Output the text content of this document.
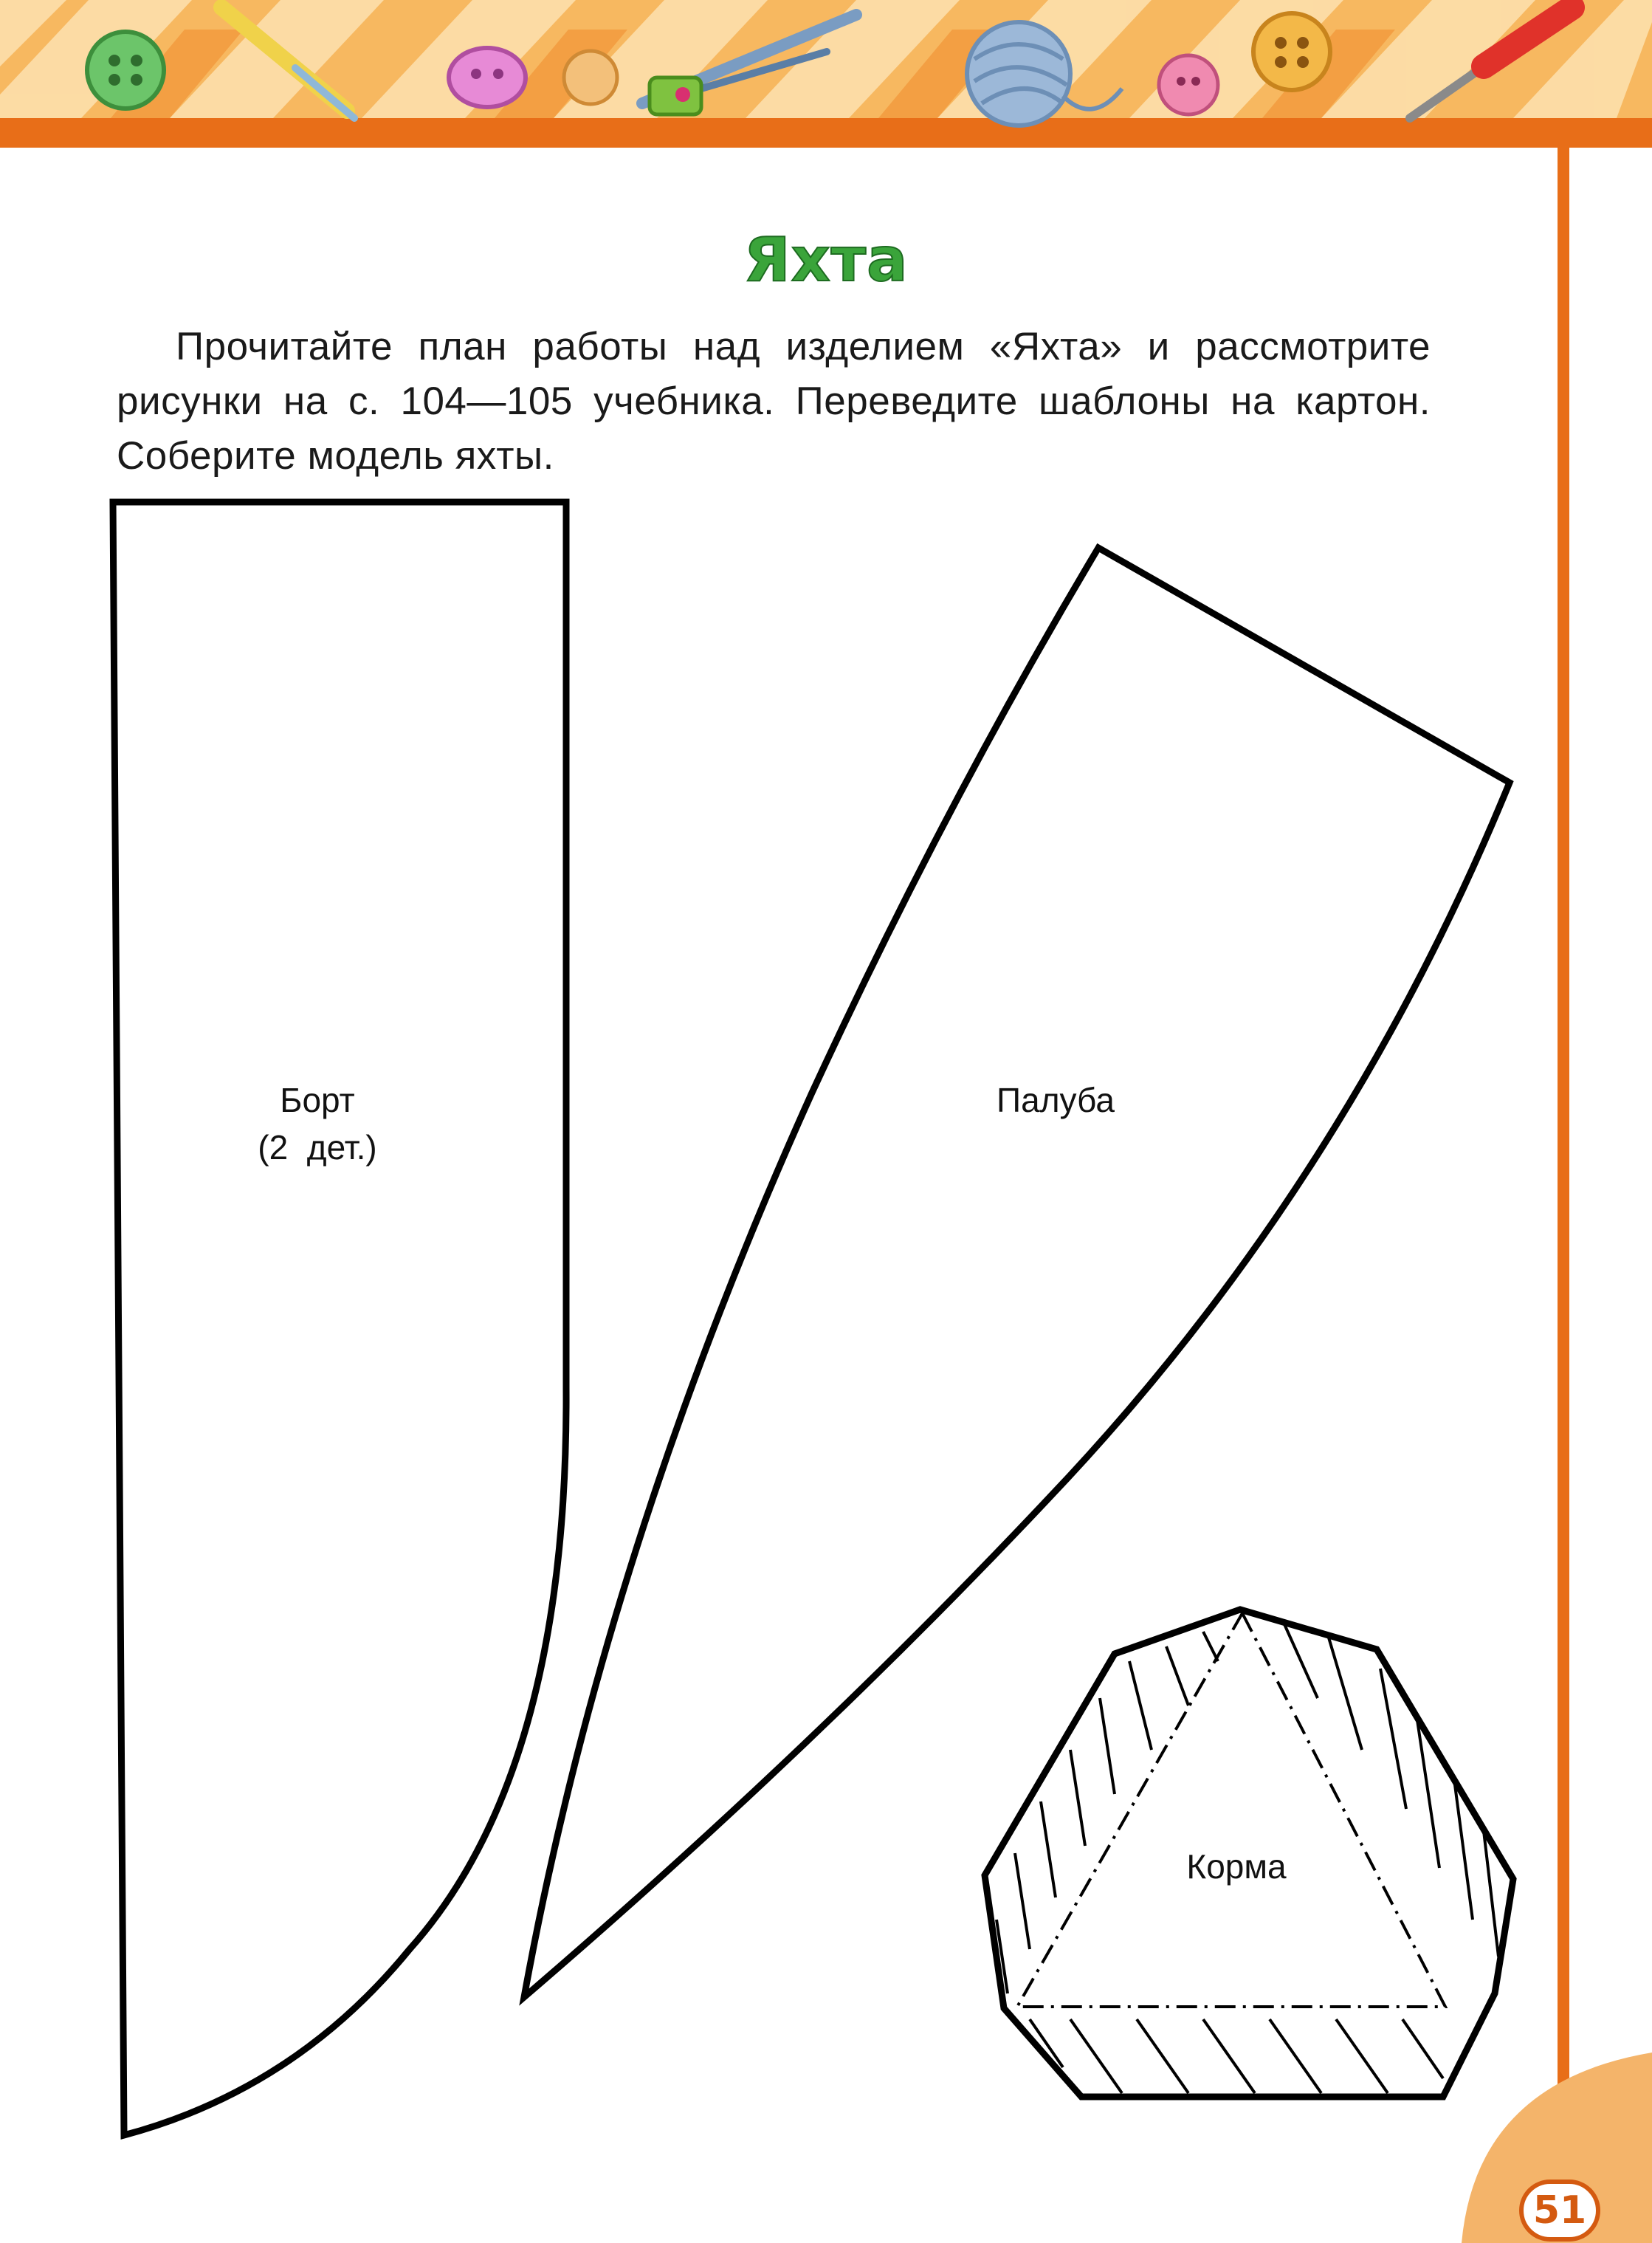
Яхта

Прочитайте план работы над изделием «Яхта» и рассмотрите рисунки на с. 104—105 учебника. Переведите шаблоны на картон. Соберите модель яхты.

Борт
(2  дет.)
Палуба
Корма
51
